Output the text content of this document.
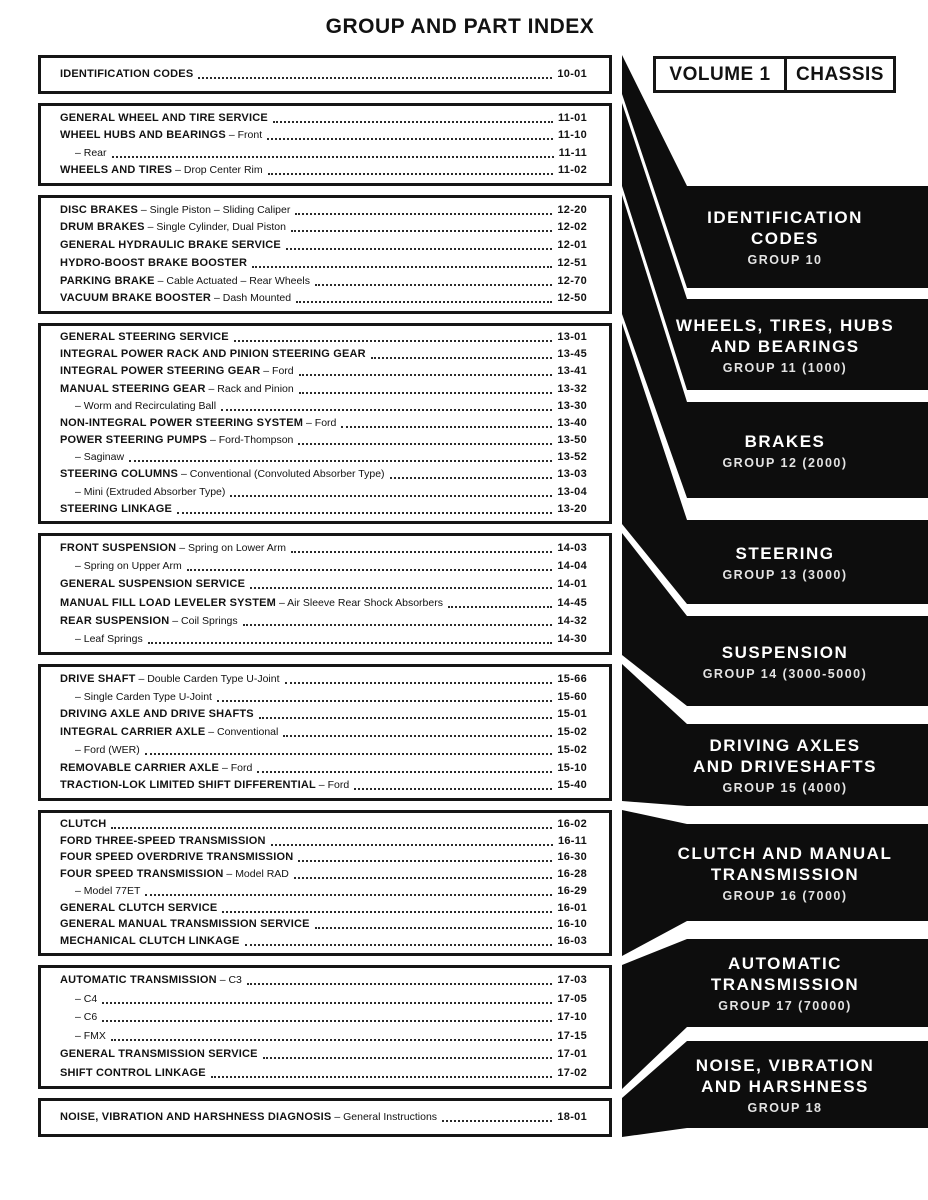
GROUP AND PART INDEX
VOLUME 1	CHASSIS
IDENTIFICATION CODES	10-01
GENERAL WHEEL AND TIRE SERVICE	11-01
WHEEL HUBS AND BEARINGS – Front	11-10
– Rear	11-11
WHEELS AND TIRES – Drop Center Rim	11-02
DISC BRAKES – Single Piston – Sliding Caliper	12-20
DRUM BRAKES – Single Cylinder, Dual Piston	12-02
GENERAL HYDRAULIC BRAKE SERVICE	12-01
HYDRO-BOOST BRAKE BOOSTER	12-51
PARKING BRAKE – Cable Actuated – Rear Wheels	12-70
VACUUM BRAKE BOOSTER – Dash Mounted	12-50
GENERAL STEERING SERVICE	13-01
INTEGRAL POWER RACK AND PINION STEERING GEAR	13-45
INTEGRAL POWER STEERING GEAR – Ford	13-41
MANUAL STEERING GEAR – Rack and Pinion	13-32
– Worm and Recirculating Ball	13-30
NON-INTEGRAL POWER STEERING SYSTEM – Ford	13-40
POWER STEERING PUMPS – Ford-Thompson	13-50
– Saginaw	13-52
STEERING COLUMNS – Conventional (Convoluted Absorber Type)	13-03
– Mini (Extruded Absorber Type)	13-04
STEERING LINKAGE	13-20
FRONT SUSPENSION – Spring on Lower Arm	14-03
– Spring on Upper Arm	14-04
GENERAL SUSPENSION SERVICE	14-01
MANUAL FILL LOAD LEVELER SYSTEM – Air Sleeve Rear Shock Absorbers	14-45
REAR SUSPENSION – Coil Springs	14-32
– Leaf Springs	14-30
DRIVE SHAFT – Double Carden Type U-Joint	15-66
– Single Carden Type U-Joint	15-60
DRIVING AXLE AND DRIVE SHAFTS	15-01
INTEGRAL CARRIER AXLE – Conventional	15-02
– Ford (WER)	15-02
REMOVABLE CARRIER AXLE – Ford	15-10
TRACTION-LOK LIMITED SHIFT DIFFERENTIAL – Ford	15-40
CLUTCH	16-02
FORD THREE-SPEED TRANSMISSION	16-11
FOUR SPEED OVERDRIVE TRANSMISSION	16-30
FOUR SPEED TRANSMISSION – Model RAD	16-28
– Model 77ET	16-29
GENERAL CLUTCH SERVICE	16-01
GENERAL MANUAL TRANSMISSION SERVICE	16-10
MECHANICAL CLUTCH LINKAGE	16-03
AUTOMATIC TRANSMISSION – C3	17-03
– C4	17-05
– C6	17-10
– FMX	17-15
GENERAL TRANSMISSION SERVICE	17-01
SHIFT CONTROL LINKAGE	17-02
NOISE, VIBRATION AND HARSHNESS DIAGNOSIS – General Instructions	18-01
IDENTIFICATION
CODES
GROUP 10
WHEELS, TIRES, HUBS
AND BEARINGS
GROUP 11 (1000)
BRAKES
GROUP 12 (2000)
STEERING
GROUP 13 (3000)
SUSPENSION
GROUP 14 (3000-5000)
DRIVING AXLES
AND DRIVESHAFTS
GROUP 15 (4000)
CLUTCH AND MANUAL
TRANSMISSION
GROUP 16 (7000)
AUTOMATIC
TRANSMISSION
GROUP 17 (70000)
NOISE, VIBRATION
AND HARSHNESS
GROUP 18
